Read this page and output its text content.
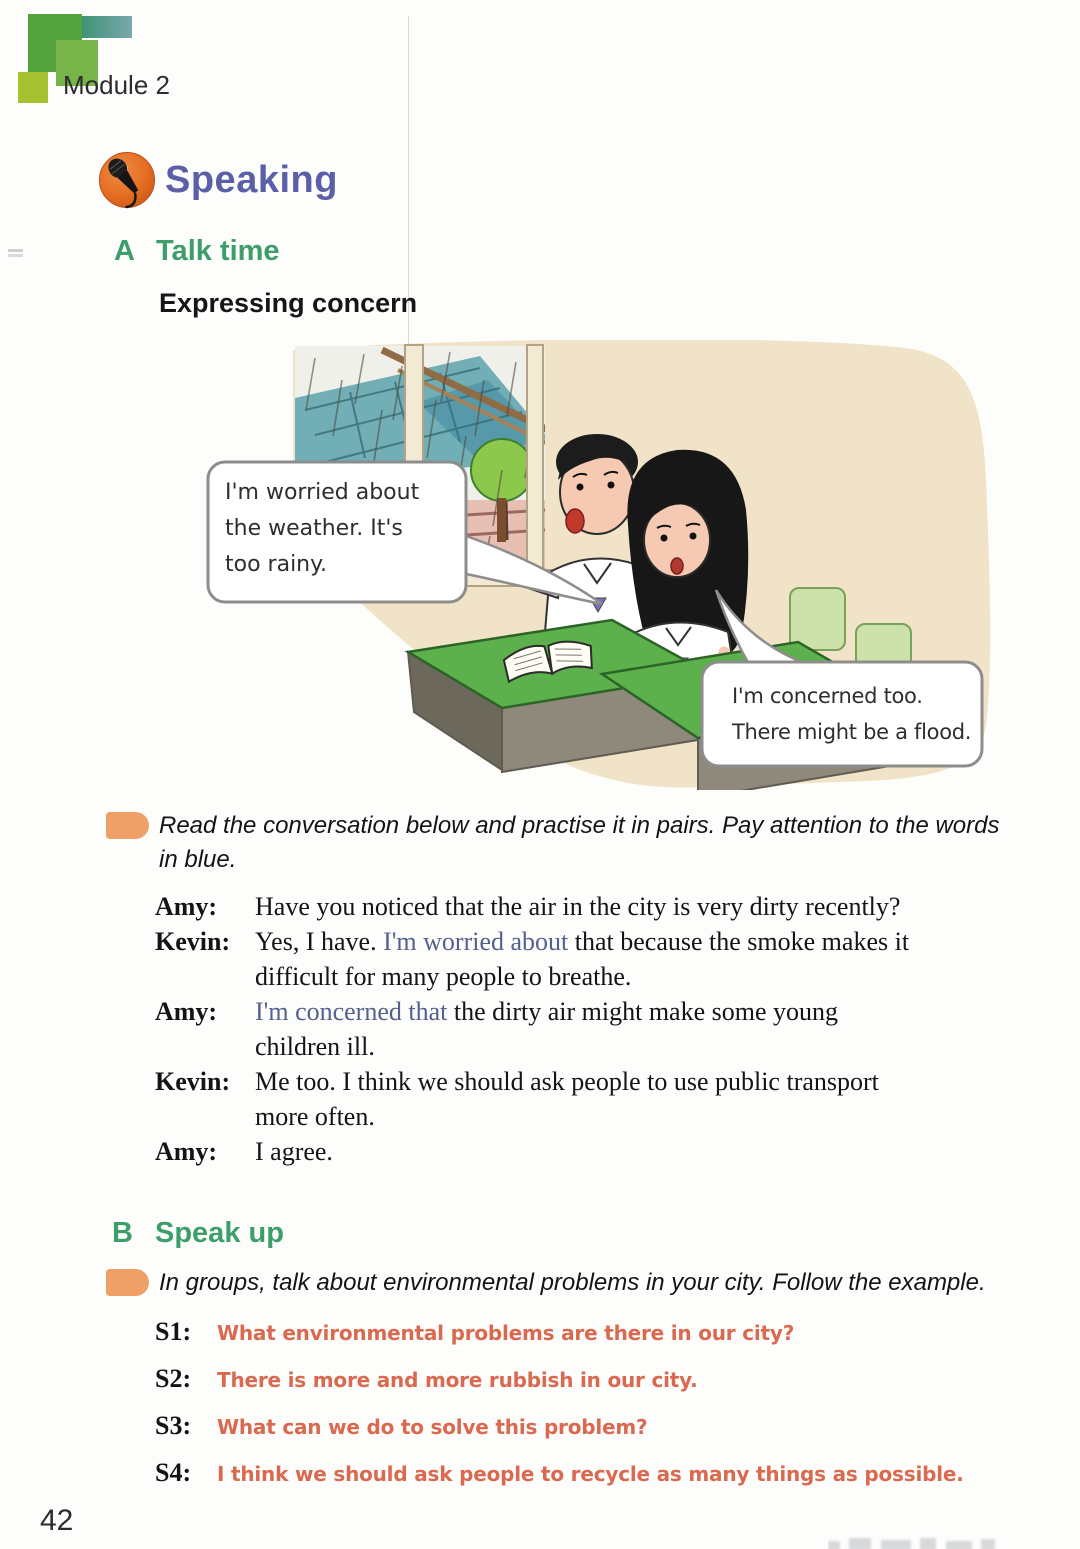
Module 2
Speaking
A Talk time
Expressing concern
I'm worried about
the weather. It's
too rainy.
I'm concerned too.
There might be a flood.
Read the conversation below and practise it in pairs. Pay attention to the words in blue.
Amy:	Have you noticed that the air in the city is very dirty recently?
Kevin: Yes, I have. I'm worried about that because the smoke makes it
difficult for many people to breathe.
Amy:	I'm concerned that the dirty air might make some young
children ill.
Kevin: Me too. I think we should ask people to use public transport
more often.
Amy:	I agree.
B Speak up
In groups, talk about environmental problems in your city. Follow the example.
S1:	What environmental problems are there in our city?
S2:	There is more and more rubbish in our city.
S3:	What can we do to solve this problem?
S4:	I think we should ask people to recycle as many things as possible.
42
